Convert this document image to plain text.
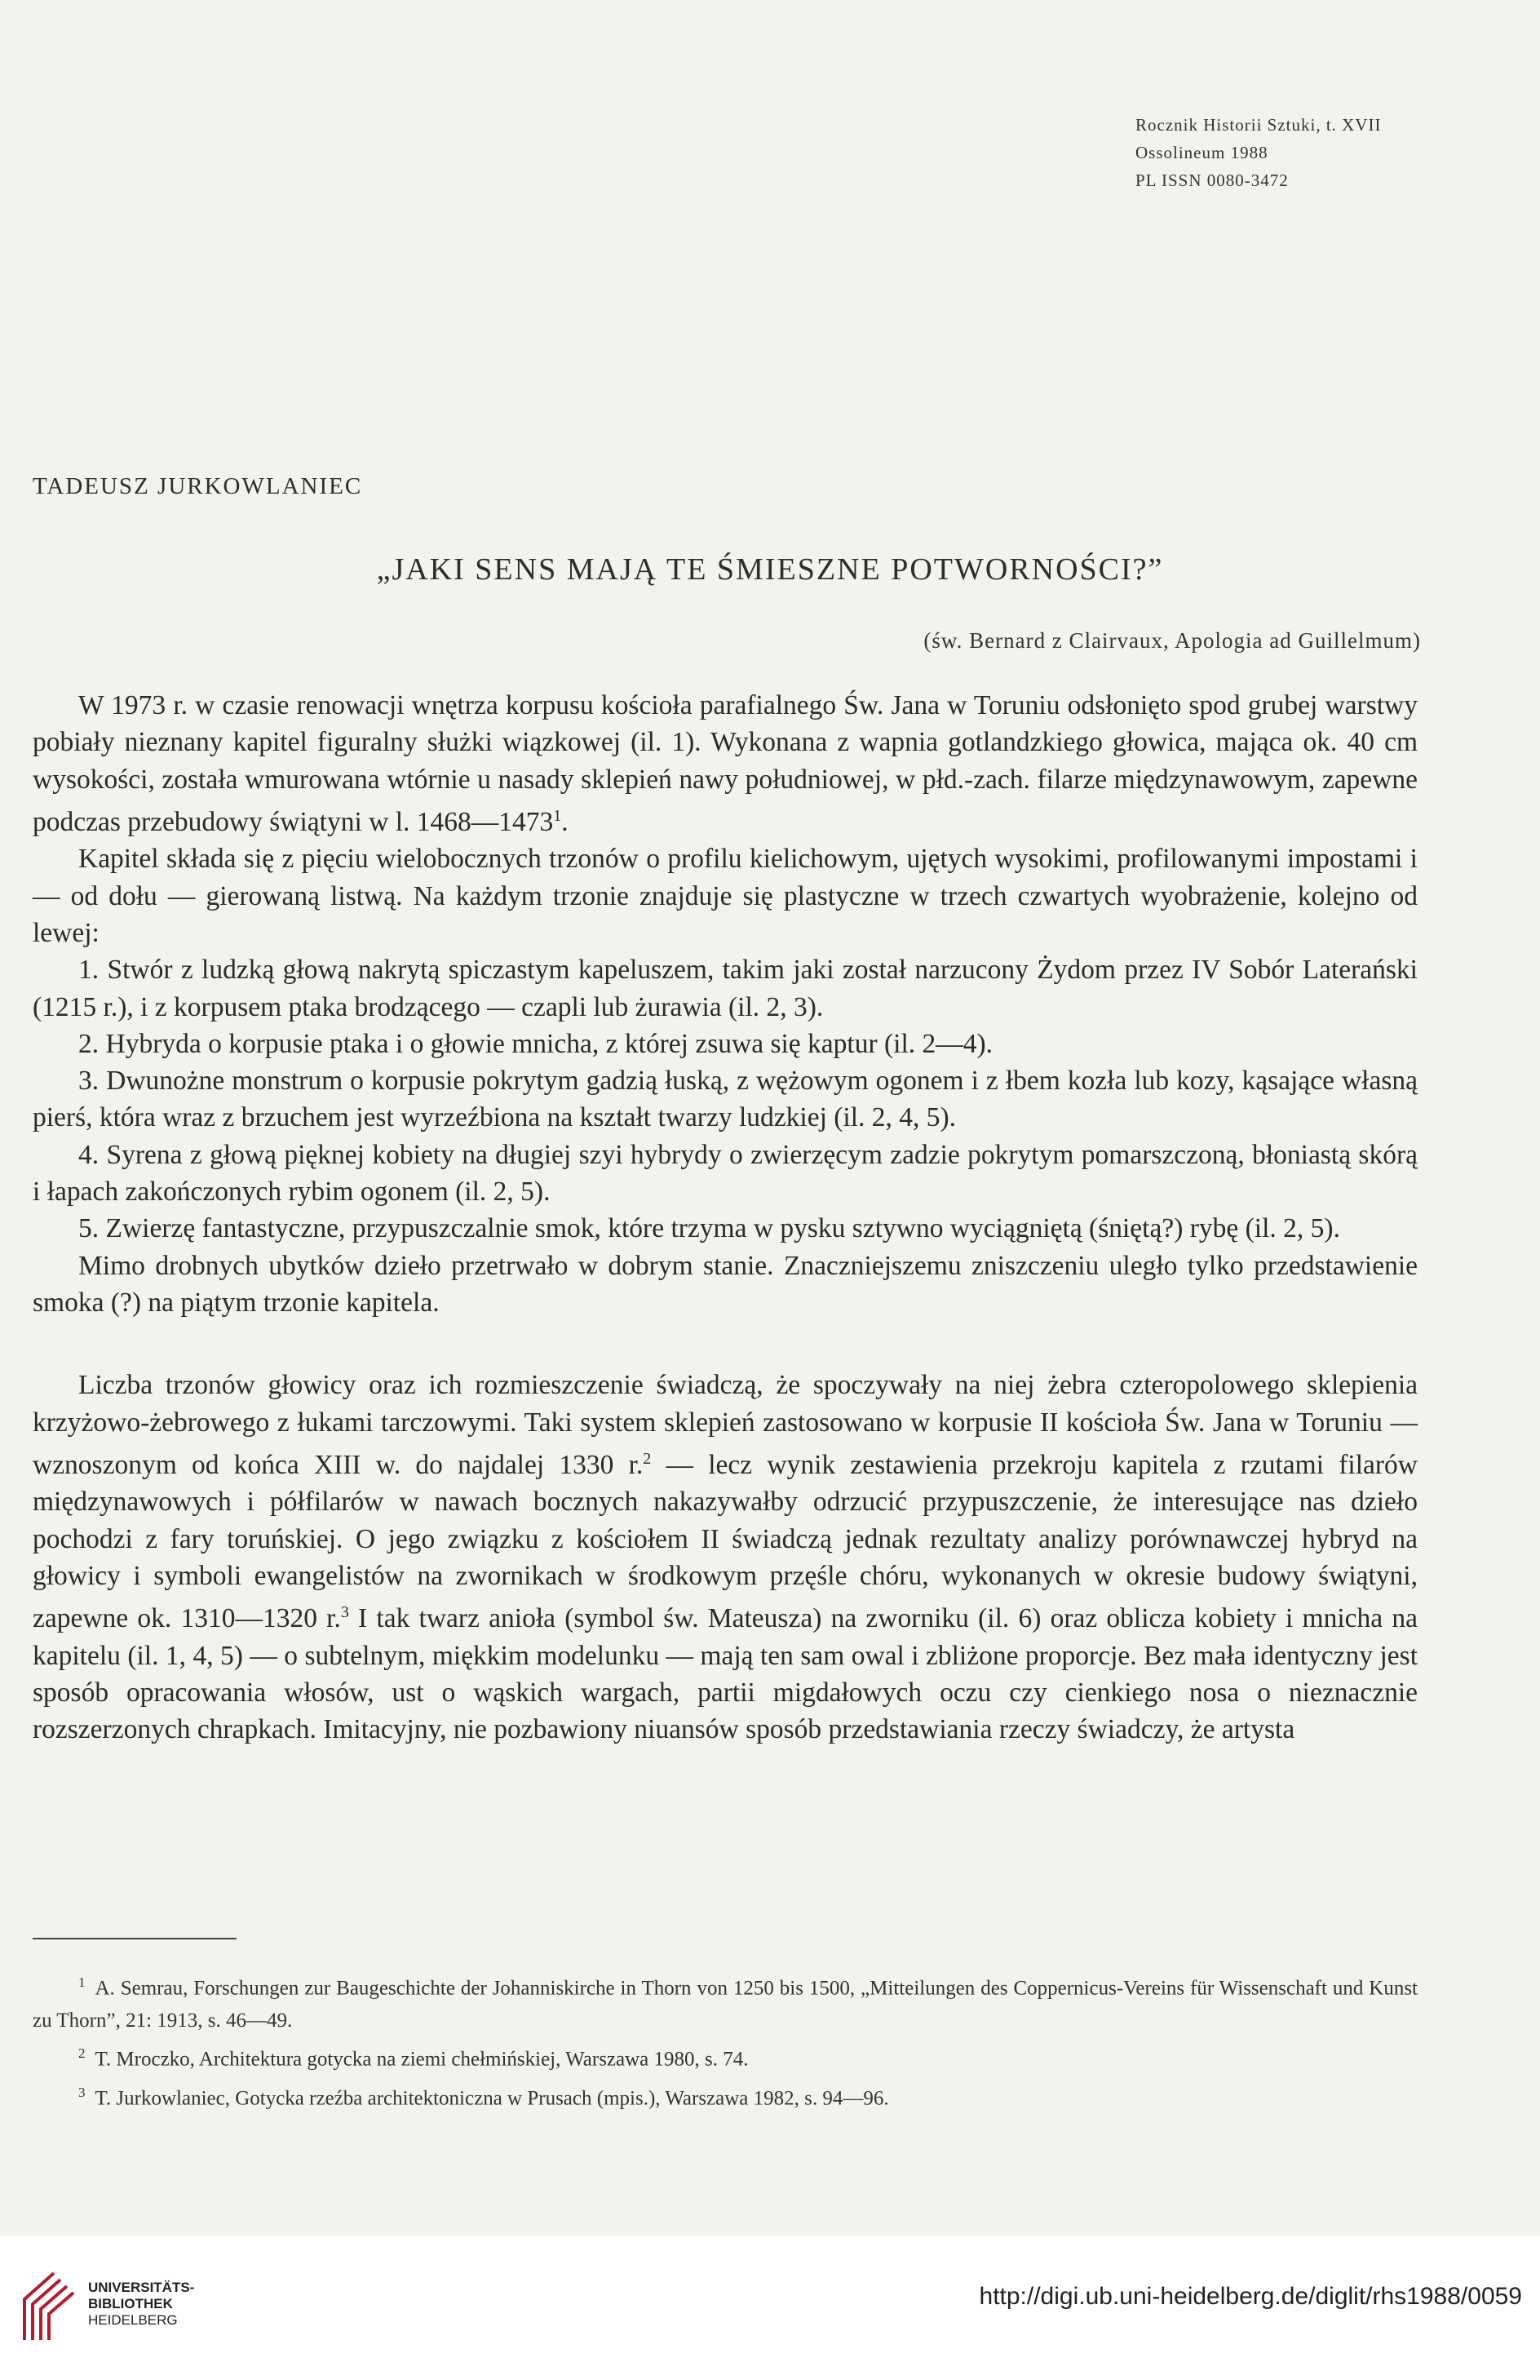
Rocznik Historii Sztuki, t. XVII
Ossolineum 1988
PL ISSN 0080-3472
TADEUSZ JURKOWLANIEC
„JAKI SENS MAJĄ TE ŚMIESZNE POTWORNOŚCI?”
(św. Bernard z Clairvaux, Apologia ad Guillelmum)

W 1973 r. w czasie renowacji wnętrza korpusu kościoła parafialnego Św. Jana w Toruniu odsłonięto spod grubej warstwy pobiały nieznany kapitel figuralny służki wiązkowej (il. 1). Wykonana z wapnia gotlandzkiego głowica, mająca ok. 40 cm wysokości, została wmurowana wtórnie u nasady sklepień nawy południowej, w płd.-zach. filarze międzynawowym, zapewne podczas przebudowy świątyni w l. 1468—1473$^1$.

Kapitel składa się z pięciu wielobocznych trzonów o profilu kielichowym, ujętych wysokimi, profilowanymi impostami i — od dołu — gierowaną listwą. Na każdym trzonie znajduje się plastyczne w trzech czwartych wyobrażenie, kolejno od lewej:

1. Stwór z ludzką głową nakrytą spiczastym kapeluszem, takim jaki został narzucony Żydom przez IV Sobór Laterański (1215 r.), i z korpusem ptaka brodzącego — czapli lub żurawia (il. 2, 3).

2. Hybryda o korpusie ptaka i o głowie mnicha, z której zsuwa się kaptur (il. 2—4).

3. Dwunożne monstrum o korpusie pokrytym gadzią łuską, z wężowym ogonem i z łbem kozła lub kozy, kąsające własną pierś, która wraz z brzuchem jest wyrzeźbiona na kształt twarzy ludzkiej (il. 2, 4, 5).

4. Syrena z głową pięknej kobiety na długiej szyi hybrydy o zwierzęcym zadzie pokrytym pomarszczoną, błoniastą skórą i łapach zakończonych rybim ogonem (il. 2, 5).

5. Zwierzę fantastyczne, przypuszczalnie smok, które trzyma w pysku sztywno wyciągniętą (śniętą?) rybę (il. 2, 5).

Mimo drobnych ubytków dzieło przetrwało w dobrym stanie. Znaczniejszemu zniszczeniu uległo tylko przedstawienie smoka (?) na piątym trzonie kapitela.

Liczba trzonów głowicy oraz ich rozmieszczenie świadczą, że spoczywały na niej żebra czteropolowego sklepienia krzyżowo-żebrowego z łukami tarczowymi. Taki system sklepień zastosowano w korpusie II kościoła Św. Jana w Toruniu — wznoszonym od końca XIII w. do najdalej 1330 r.$^2$ — lecz wynik zestawienia przekroju kapitela z rzutami filarów międzynawowych i półfilarów w nawach bocznych nakazywałby odrzucić przypuszczenie, że interesujące nas dzieło pochodzi z fary toruńskiej. O jego związku z kościołem II świadczą jednak rezultaty analizy porównawczej hybryd na głowicy i symboli ewangelistów na zwornikach w środkowym przęśle chóru, wykonanych w okresie budowy świątyni, zapewne ok. 1310—1320 r.$^3$ I tak twarz anioła (symbol św. Mateusza) na zworniku (il. 6) oraz oblicza kobiety i mnicha na kapitelu (il. 1, 4, 5) — o subtelnym, miękkim modelunku — mają ten sam owal i zbliżone proporcje. Bez mała identyczny jest sposób opracowania włosów, ust o wąskich wargach, partii migdałowych oczu czy cienkiego nosa o nieznacznie rozszerzonych chrapkach. Imitacyjny, nie pozbawiony niuansów sposób przedstawiania rzeczy świadczy, że artysta

$^1$ A. Semrau, Forschungen zur Baugeschichte der Johanniskirche in Thorn von 1250 bis 1500, „Mitteilungen des Coppernicus-Vereins für Wissenschaft und Kunst zu Thorn”, 21: 1913, s. 46—49.

$^2$ T. Mroczko, Architektura gotycka na ziemi chełmińskiej, Warszawa 1980, s. 74.

$^3$ T. Jurkowlaniec, Gotycka rzeźba architektoniczna w Prusach (mpis.), Warszawa 1982, s. 94—96.

UNIVERSITÄTS-
BIBLIOTHEK
HEIDELBERG
http://digi.ub.uni-heidelberg.de/diglit/rhs1988/0059
